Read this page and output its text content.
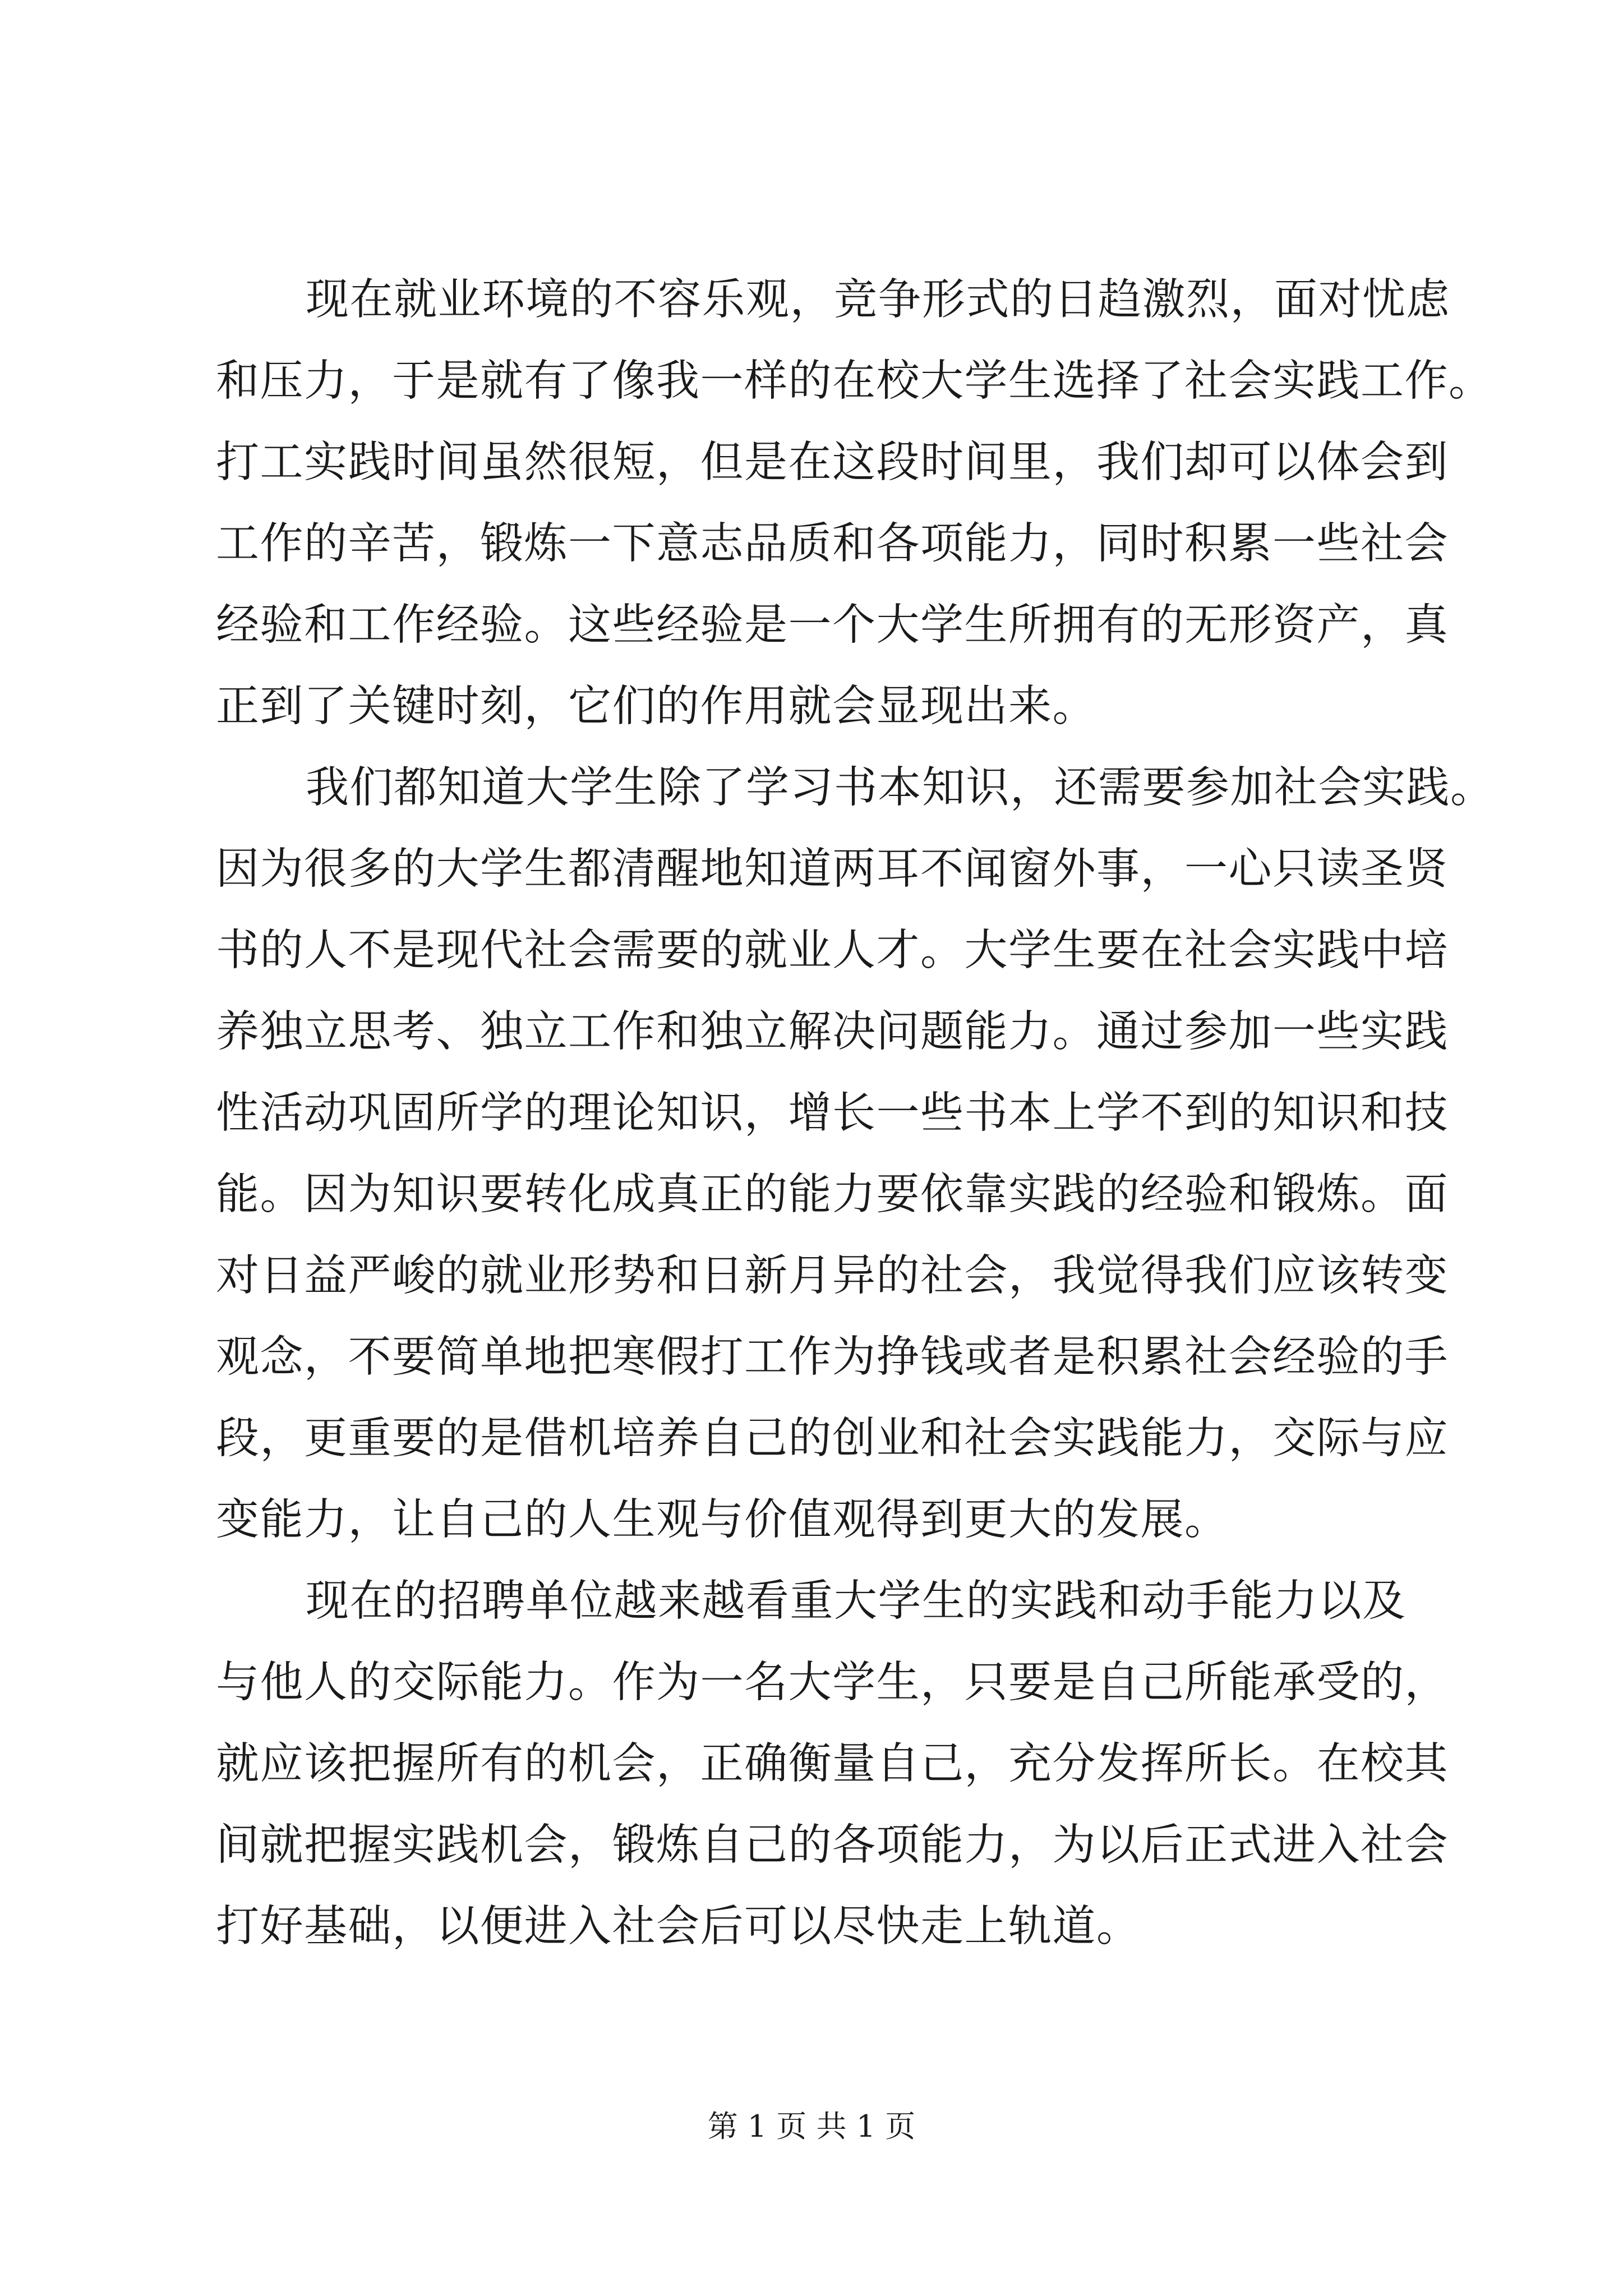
现在就业环境的不容乐观，竞争形式的日趋激烈，面对忧虑
和压力，于是就有了像我一样的在校大学生选择了社会实践工作。
打工实践时间虽然很短，但是在这段时间里，我们却可以体会到
工作的辛苦，锻炼一下意志品质和各项能力，同时积累一些社会
经验和工作经验。这些经验是一个大学生所拥有的无形资产，真
正到了关键时刻，它们的作用就会显现出来。
我们都知道大学生除了学习书本知识，还需要参加社会实践。
因为很多的大学生都清醒地知道两耳不闻窗外事，一心只读圣贤
书的人不是现代社会需要的就业人才。大学生要在社会实践中培
养独立思考、独立工作和独立解决问题能力。通过参加一些实践
性活动巩固所学的理论知识，增长一些书本上学不到的知识和技
能。因为知识要转化成真正的能力要依靠实践的经验和锻炼。面
对日益严峻的就业形势和日新月异的社会，我觉得我们应该转变
观念，不要简单地把寒假打工作为挣钱或者是积累社会经验的手
段，更重要的是借机培养自己的创业和社会实践能力，交际与应
变能力，让自己的人生观与价值观得到更大的发展。
现在的招聘单位越来越看重大学生的实践和动手能力以及
与他人的交际能力。作为一名大学生，只要是自己所能承受的，
就应该把握所有的机会，正确衡量自己，充分发挥所长。在校其
间就把握实践机会，锻炼自己的各项能力，为以后正式进入社会
打好基础，以便进入社会后可以尽快走上轨道。
第 1 页 共 1 页
